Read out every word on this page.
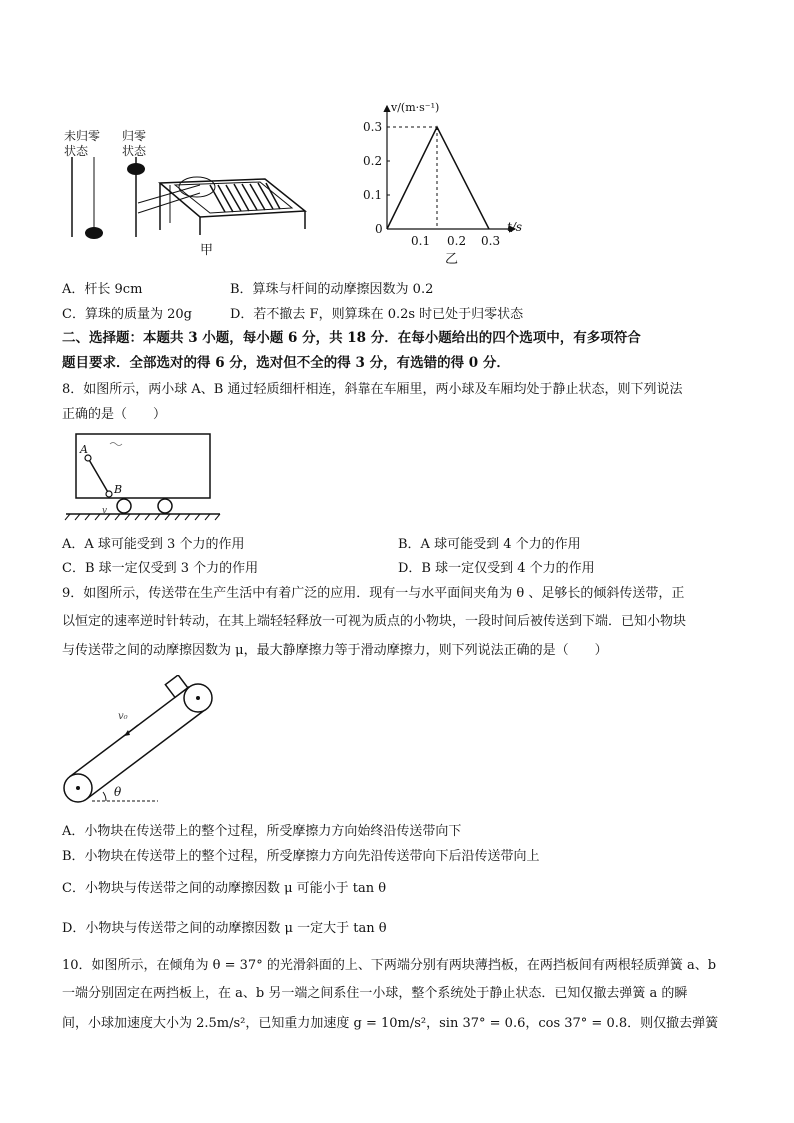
未归零
状态
归零
状态
甲
v/(m·s⁻¹)
t/s
0
0.3
0.2
0.1
0.1 0.2 0.3
乙
A．杆长 9cm	B．算珠与杆间的动摩擦因数为 0.2
C．算珠的质量为 20g	D．若不撤去 F，则算珠在 0.2s 时已处于归零状态
二、选择题：本题共 3 小题，每小题 6 分，共 18 分．在每小题给出的四个选项中，有多项符合
题目要求．全部选对的得 6 分，选对但不全的得 3 分，有选错的得 0 分．
8．如图所示，两小球 A、B 通过轻质细杆相连，斜靠在车厢里，两小球及车厢均处于静止状态，则下列说法
正确的是（　　）
A
B
v
A．A 球可能受到 3 个力的作用	B．A 球可能受到 4 个力的作用
C．B 球一定仅受到 3 个力的作用	D．B 球一定仅受到 4 个力的作用
9．如图所示，传送带在生产生活中有着广泛的应用．现有一与水平面间夹角为 θ 、足够长的倾斜传送带，正
以恒定的速率逆时针转动，在其上端轻轻释放一可视为质点的小物块，一段时间后被传送到下端．已知小物块
与传送带之间的动摩擦因数为 μ，最大静摩擦力等于滑动摩擦力，则下列说法正确的是（　　）
v₀
θ
A．小物块在传送带上的整个过程，所受摩擦力方向始终沿传送带向下
B．小物块在传送带上的整个过程，所受摩擦力方向先沿传送带向下后沿传送带向上
C．小物块与传送带之间的动摩擦因数 μ 可能小于 tan θ
D．小物块与传送带之间的动摩擦因数 μ 一定大于 tan θ
10．如图所示，在倾角为 θ = 37° 的光滑斜面的上、下两端分别有两块薄挡板，在两挡板间有两根轻质弹簧 a、b
一端分别固定在两挡板上，在 a、b 另一端之间系住一小球，整个系统处于静止状态．已知仅撤去弹簧 a 的瞬
间，小球加速度大小为 2.5m/s²，已知重力加速度 g = 10m/s²，sin 37° = 0.6，cos 37° = 0.8．则仅撤去弹簧
